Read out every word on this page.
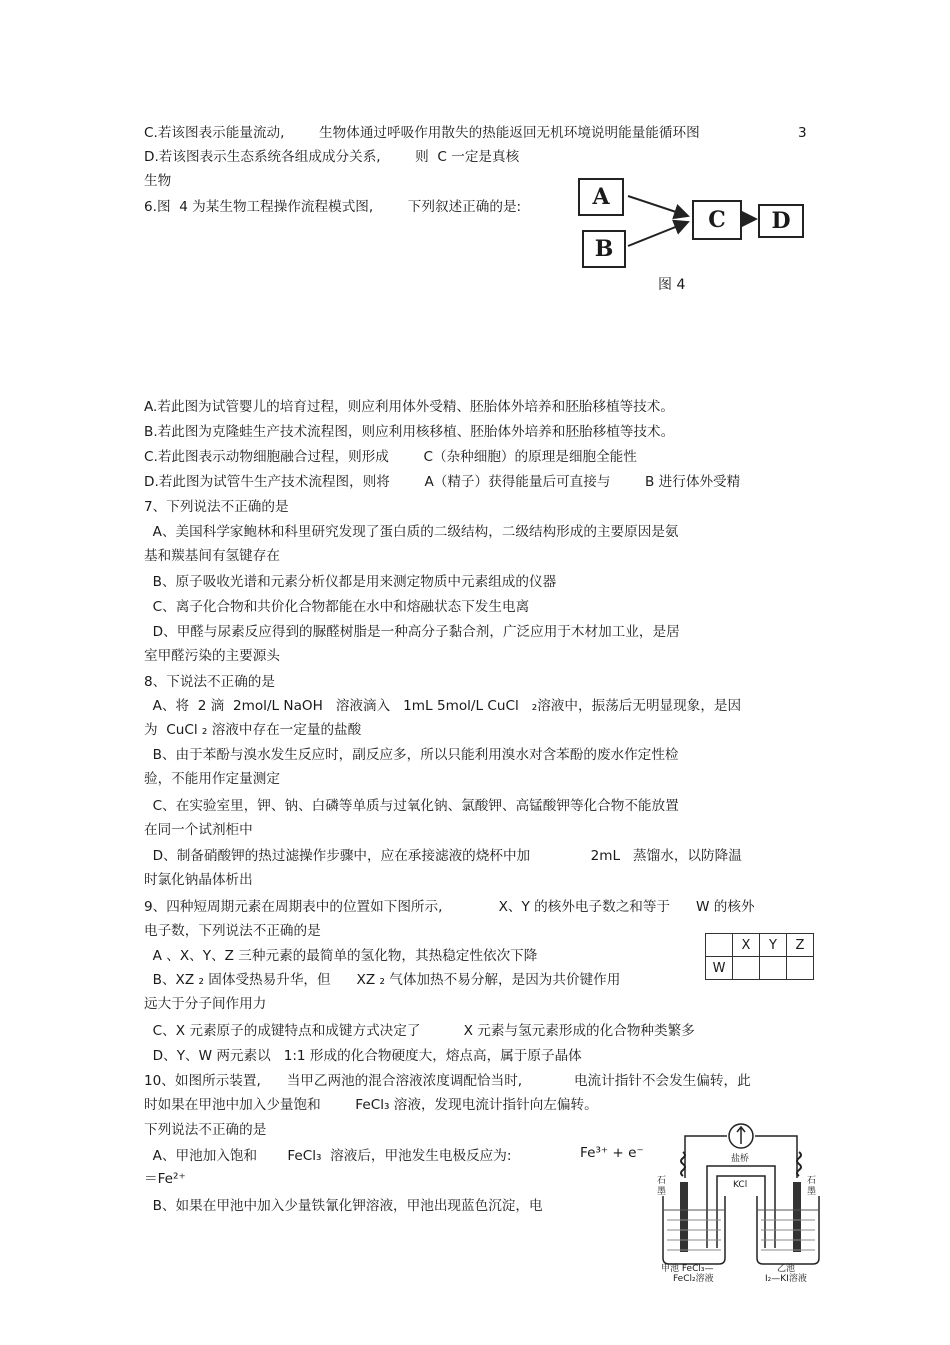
C.若该图表示能量流动,        生物体通过呼吸作用散失的热能返回无机环境说明能量能循环图	3
D.若该图表示生态系统各组成成分关系,        则  C 一定是真核
生物
6.图  4 为某生物工程操作流程模式图,        下列叙述正确的是:	A
B
C	D
图 4
A.若此图为试管婴儿的培育过程，则应利用体外受精、胚胎体外培养和胚胎移植等技术。
B.若此图为克隆蛙生产技术流程图，则应利用核移植、胚胎体外培养和胚胎移植等技术。
C.若此图表示动物细胞融合过程，则形成        C（杂种细胞）的原理是细胞全能性
D.若此图为试管牛生产技术流程图，则将        A（精子）获得能量后可直接与        B 进行体外受精
7、下列说法不正确的是
A、美国科学家鲍林和科里研究发现了蛋白质的二级结构，二级结构形成的主要原因是氨
基和羰基间有氢键存在
B、原子吸收光谱和元素分析仪都是用来测定物质中元素组成的仪器
C、离子化合物和共价化合物都能在水中和熔融状态下发生电离
D、甲醛与尿素反应得到的脲醛树脂是一种高分子黏合剂，广泛应用于木材加工业，是居
室甲醛污染的主要源头
8、下说法不正确的是
A、将  2 滴  2mol/L NaOH   溶液滴入   1mL 5mol/L CuCl   ₂溶液中，振荡后无明显现象，是因
为  CuCl ₂ 溶液中存在一定量的盐酸
B、由于苯酚与溴水发生反应时，副反应多，所以只能利用溴水对含苯酚的废水作定性检
验，不能用作定量测定
C、在实验室里，钾、钠、白磷等单质与过氧化钠、氯酸钾、高锰酸钾等化合物不能放置
在同一个试剂柜中
D、制备硝酸钾的热过滤操作步骤中，应在承接滤液的烧杯中加              2mL   蒸馏水，以防降温
时氯化钠晶体析出
9、四种短周期元素在周期表中的位置如下图所示,             X、Y 的核外电子数之和等于      W 的核外
电子数，下列说法不正确的是
A 、X、Y、Z 三种元素的最简单的氢化物，其热稳定性依次下降
B、XZ ₂ 固体受热易升华，但      XZ ₂ 气体加热不易分解，是因为共价键作用
远大于分子间作用力
C、X 元素原子的成键特点和成键方式决定了          X 元素与氢元素形成的化合物种类繁多
D、Y、W 两元素以   1:1 形成的化合物硬度大，熔点高，属于原子晶体
	X	Y	Z
W			
10、如图所示装置,      当甲乙两池的混合溶液浓度调配恰当时,            电流计指针不会发生偏转，此
时如果在甲池中加入少量饱和        FeCl₃ 溶液，发现电流计指针向左偏转。
下列说法不正确的是
A、甲池加入饱和       FeCl₃  溶液后，甲池发生电极反应为:	Fe³⁺ + e⁻
＝Fe²⁺
B、如果在甲池中加入少量铁氰化钾溶液，甲池出现蓝色沉淀，电
盐桥
KCl
石墨
石墨
甲池 FeCl₃—
FeCl₂溶液
乙池
I₂—KI溶液
